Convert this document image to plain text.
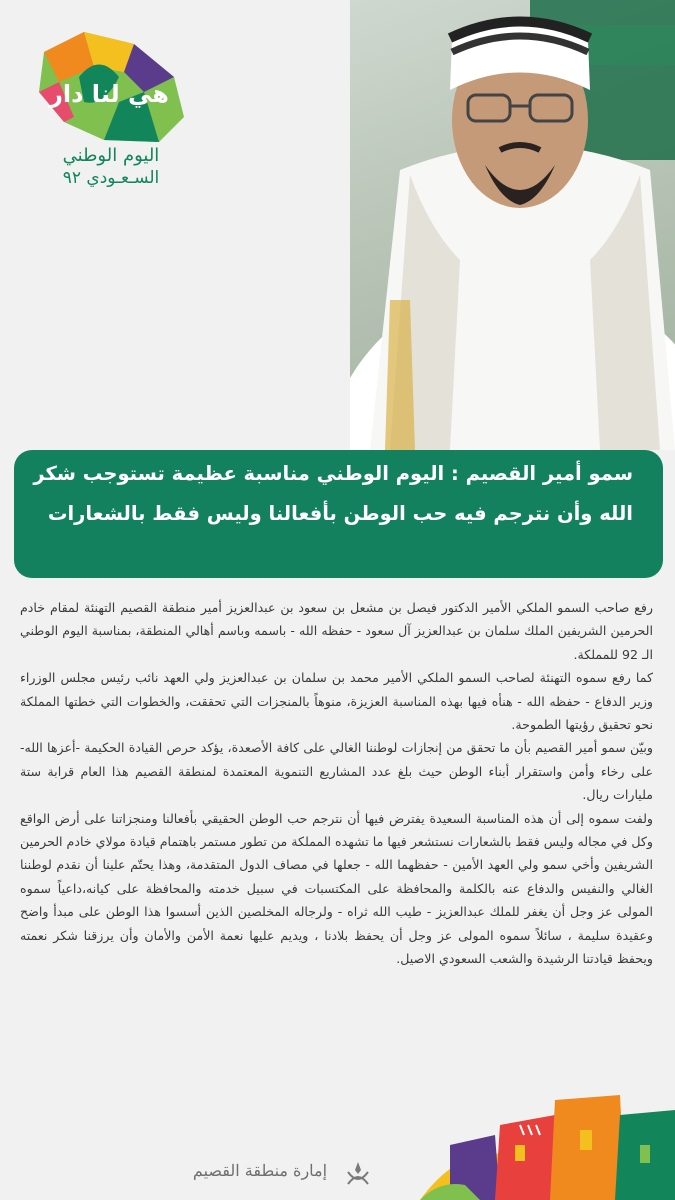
هي لنا دار
اليوم الوطني
السـعـودي ٩٢
سمو أمير القصيم : اليوم الوطني مناسبة عظيمة تستوجب شكر الله وأن نترجم فيه حب الوطن بأفعالنا وليس فقط بالشعارات

رفع صاحب السمو الملكي الأمير الدكتور فيصل بن مشعل بن سعود بن عبدالعزيز أمير منطقة القصيم التهنئة لمقام خادم الحرمين الشريفين الملك سلمان بن عبدالعزيز آل سعود - حفظه الله - باسمه وباسم أهالي المنطقة، بمناسبة اليوم الوطني الـ 92 للمملكة.

كما رفع سموه التهنئة لصاحب السمو الملكي الأمير محمد بن سلمان بن عبدالعزيز ولي العهد نائب رئيس مجلس الوزراء وزير الدفاع - حفظه الله - هنأه فيها بهذه المناسبة العزيزة، منوهاً بالمنجزات التي تحققت، والخطوات التي خطتها المملكة نحو تحقيق رؤيتها الطموحة.

وبيّن سمو أمير القصيم بأن ما تحقق من إنجازات لوطننا الغالي على كافة الأصعدة، يؤكد حرص القيادة الحكيمة -أعزها الله- على رخاء وأمن واستقرار أبناء الوطن حيث بلغ عدد المشاريع التنموية المعتمدة لمنطقة القصيم هذا العام قرابة ستة مليارات ريال.

ولفت سموه إلى أن هذه المناسبة السعيدة يفترض فيها أن نترجم حب الوطن الحقيقي بأفعالنا ومنجزاتنا على أرض الواقع وكل في مجاله وليس فقط بالشعارات نستشعر فيها ما تشهده المملكة من تطور مستمر باهتمام قيادة مولاي خادم الحرمين الشريفين وأخي سمو ولي العهد الأمين - حفظهما الله - جعلها في مصاف الدول المتقدمة، وهذا يحتّم علينا أن نقدم لوطننا الغالي والنفيس والدفاع عنه بالكلمة والمحافظة على المكتسبات في سبيل خدمته والمحافظة على كيانه،داعياً سموه المولى عز وجل أن يغفر للملك عبدالعزيز - طيب الله ثراه - ولرجاله المخلصين الذين أسسوا هذا الوطن على مبدأ واضح وعقيدة سليمة ، سائلاً سموه المولى عز وجل أن يحفظ بلادنا ، ويديم عليها نعمة الأمن والأمان وأن يرزقنا شكر نعمته ويحفظ قيادتنا الرشيدة والشعب السعودي الاصيل.

إمارة منطقة القصيم
